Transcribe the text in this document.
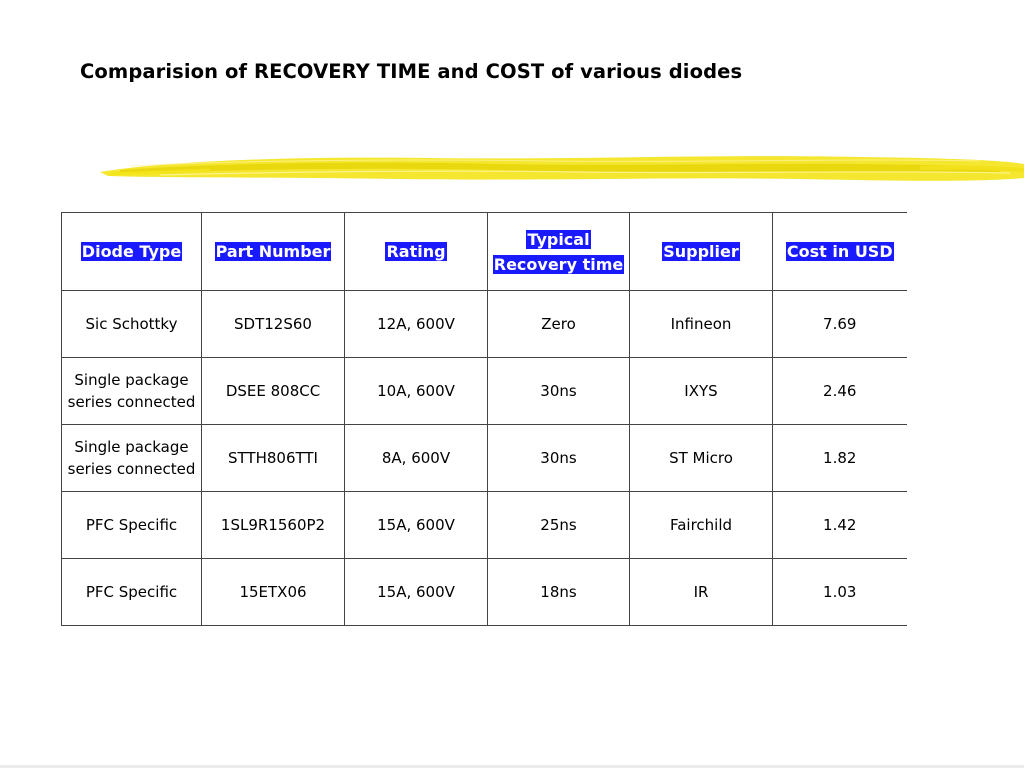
Comparision of RECOVERY TIME and COST of various diodes
Diode Type	Part Number	Rating	Typical Recovery time	Supplier	Cost in USD
Sic Schottky	SDT12S60	12A, 600V	Zero	Infineon	7.69
Single package series connected	DSEE 808CC	10A, 600V	30ns	IXYS	2.46
Single package series connected	STTH806TTI	8A, 600V	30ns	ST Micro	1.82
PFC Specific	1SL9R1560P2	15A, 600V	25ns	Fairchild	1.42
PFC Specific	15ETX06	15A, 600V	18ns	IR	1.03
